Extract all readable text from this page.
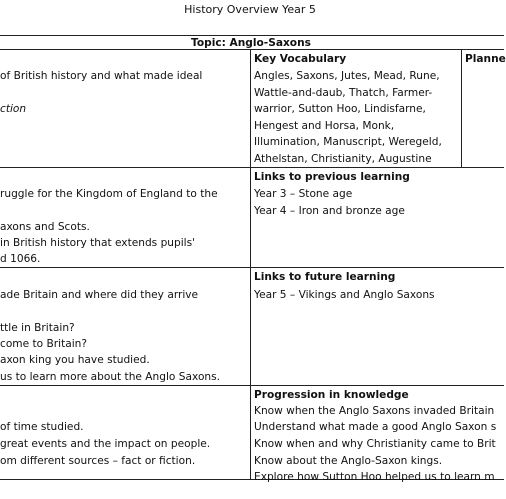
History Overview Year 5
Topic: Anglo-Saxons
of British history and what made ideal
ction
Key Vocabulary
Angles, Saxons, Jutes, Mead, Rune,
Wattle-and-daub, Thatch, Farmer-
warrior, Sutton Hoo, Lindisfarne,
Hengest and Horsa, Monk,
Illumination, Manuscript, Weregeld,
Athelstan, Christianity, Augustine
Planne
ruggle for the Kingdom of England to the
axons and Scots.
in British history that extends pupils'
d 1066.
Links to previous learning
Year 3 – Stone age
Year 4 – Iron and bronze age
ade Britain and where did they arrive
ttle in Britain?
come to Britain?
axon king you have studied.
us to learn more about the Anglo Saxons.
Links to future learning
Year 5 – Vikings and Anglo Saxons
of time studied.
great events and the impact on people.
om different sources – fact or fiction.
Progression in knowledge
Know when the Anglo Saxons invaded Britain
Understand what made a good Anglo Saxon s
Know when and why Christianity came to Brit
Know about the Anglo-Saxon kings.
Explore how Sutton Hoo helped us to learn m
